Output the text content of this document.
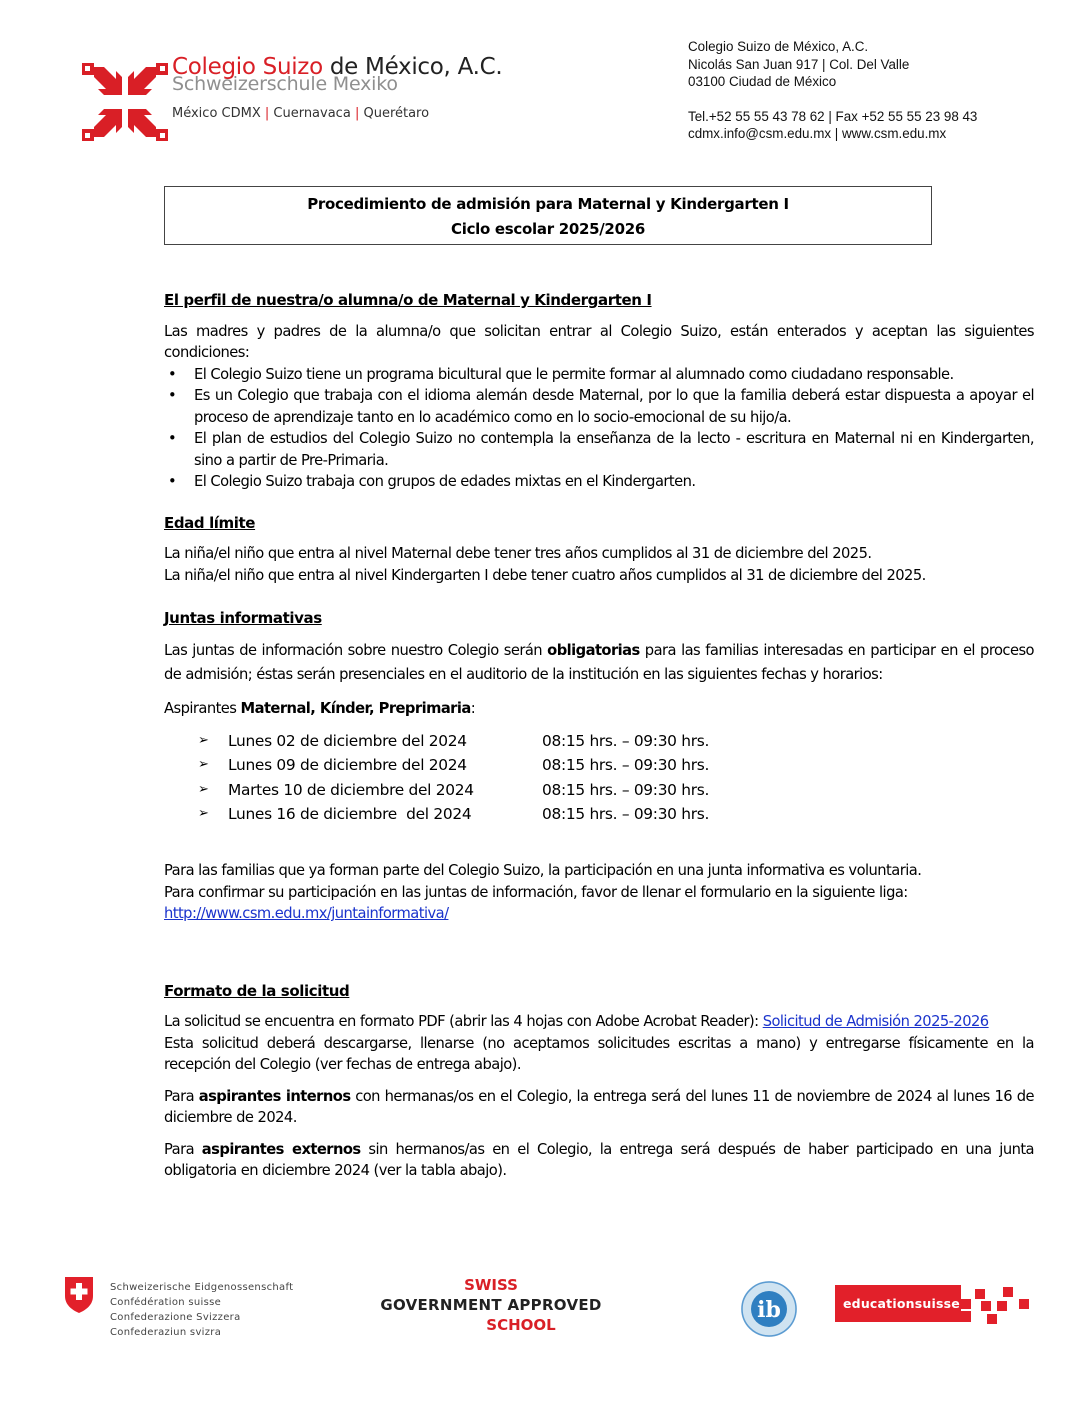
Colegio Suizo de México, A.C.
Schweizerschule Mexiko
México CDMX | Cuernavaca | Querétaro
Colegio Suizo de México, A.C.
Nicolás San Juan 917 | Col. Del Valle
03100 Ciudad de México
Tel.+52 55 55 43 78 62 | Fax +52 55 55 23 98 43
cdmx.info@csm.edu.mx | www.csm.edu.mx
Procedimiento de admisión para Maternal y Kindergarten I
Ciclo escolar 2025/2026
El perfil de nuestra/o alumna/o de Maternal y Kindergarten I

Las madres y padres de la alumna/o que solicitan entrar al Colegio Suizo, están enterados y aceptan las siguientes condiciones:

• El Colegio Suizo tiene un programa bicultural que le permite formar al alumnado como ciudadano responsable.
• Es un Colegio que trabaja con el idioma alemán desde Maternal, por lo que la familia deberá estar dispuesta a apoyar el proceso de aprendizaje tanto en lo académico como en lo socio-emocional de su hijo/a.
• El plan de estudios del Colegio Suizo no contempla la enseñanza de la lecto - escritura en Maternal ni en Kindergarten, sino a partir de Pre-Primaria.
• El Colegio Suizo trabaja con grupos de edades mixtas en el Kindergarten.
Edad límite

La niña/el niño que entra al nivel Maternal debe tener tres años cumplidos al 31 de diciembre del 2025.

La niña/el niño que entra al nivel Kindergarten I debe tener cuatro años cumplidos al 31 de diciembre del 2025.

Juntas informativas

Las juntas de información sobre nuestro Colegio serán obligatorias para las familias interesadas en participar en el proceso de admisión; éstas serán presenciales en el auditorio de la institución en las siguientes fechas y horarios:

Aspirantes Maternal, Kínder, Preprimaria:

➢	Lunes 02 de diciembre del 2024	08:15 hrs. – 09:30 hrs.
➢	Lunes 09 de diciembre del 2024	08:15 hrs. – 09:30 hrs.
➢	Martes 10 de diciembre del 2024	08:15 hrs. – 09:30 hrs.
➢	Lunes 16 de diciembre  del 2024	08:15 hrs. – 09:30 hrs.

Para las familias que ya forman parte del Colegio Suizo, la participación en una junta informativa es voluntaria.

Para confirmar su participación en las juntas de información, favor de llenar el formulario en la siguiente liga:

http://www.csm.edu.mx/juntainformativa/

Formato de la solicitud

La solicitud se encuentra en formato PDF (abrir las 4 hojas con Adobe Acrobat Reader): Solicitud de Admisión 2025-2026

Esta solicitud deberá descargarse, llenarse (no aceptamos solicitudes escritas a mano) y entregarse físicamente en la recepción del Colegio (ver fechas de entrega abajo).

Para aspirantes internos con hermanas/os en el Colegio, la entrega será del lunes 11 de noviembre de 2024 al lunes 16 de diciembre de 2024.

Para aspirantes externos sin hermanos/as en el Colegio, la entrega será después de haber participado en una junta obligatoria en diciembre 2024 (ver la tabla abajo).

Schweizerische Eidgenossenschaft
Confédération suisse
Confederazione Svizzera
Confederaziun svizra
SWISS
GOVERNMENT APPROVED
SCHOOL
ib	educationsuisse
